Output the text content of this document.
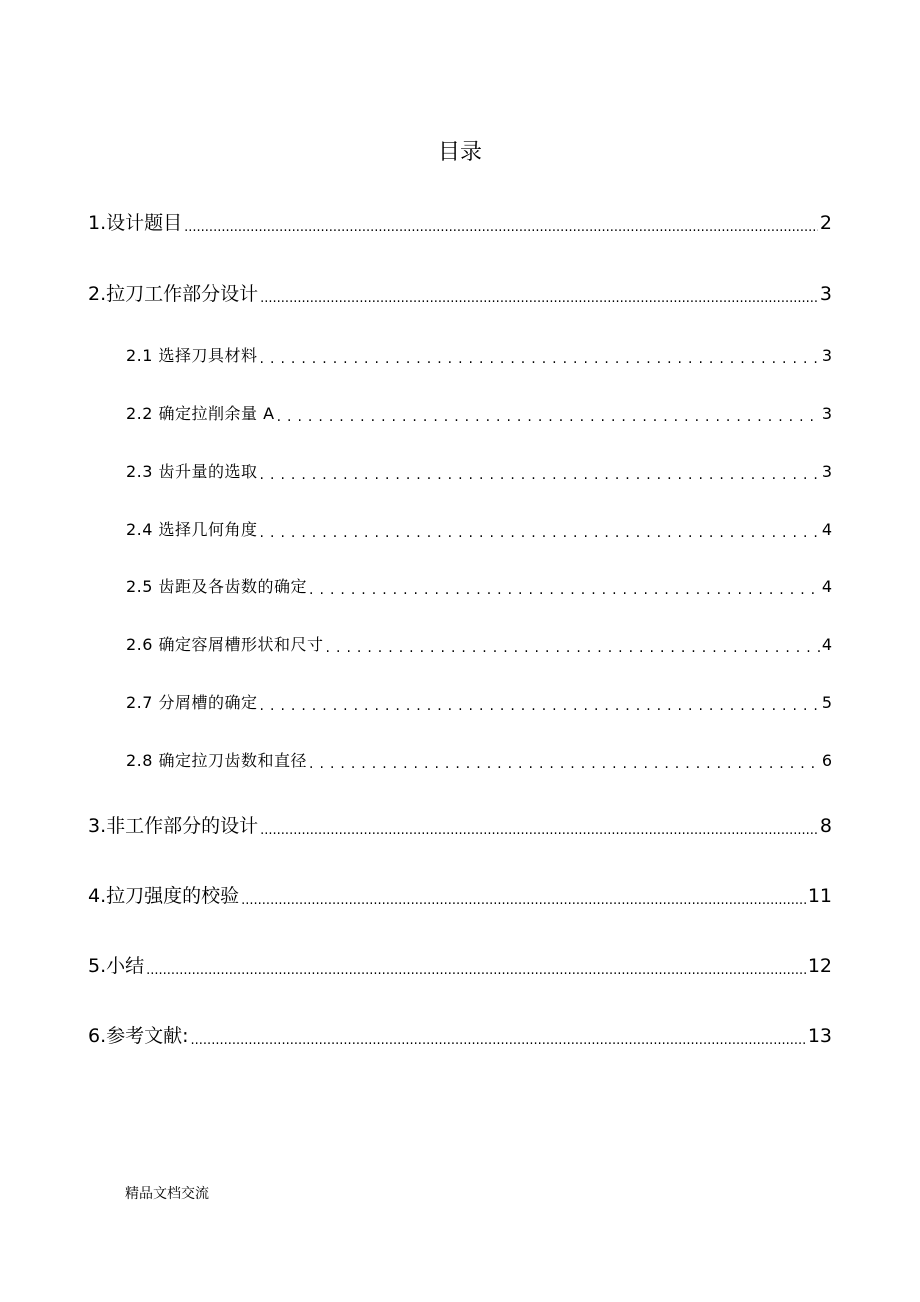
目录
1.设计题目 .....	2
2.拉刀工作部分设计 .....	3
2.1 选择刀具材料 .....	3
2.2 确定拉削余量 A .....	3
2.3 齿升量的选取 .....	3
2.4 选择几何角度 .....	4
2.5 齿距及各齿数的确定 .....	4
2.6 确定容屑槽形状和尺寸 .....	4
2.7 分屑槽的确定 .....	5
2.8 确定拉刀齿数和直径 .....	6
3.非工作部分的设计 .....	8
4.拉刀强度的校验 .....	11
5.小结 .....	12
6.参考文献: .....	13
精品文档交流
